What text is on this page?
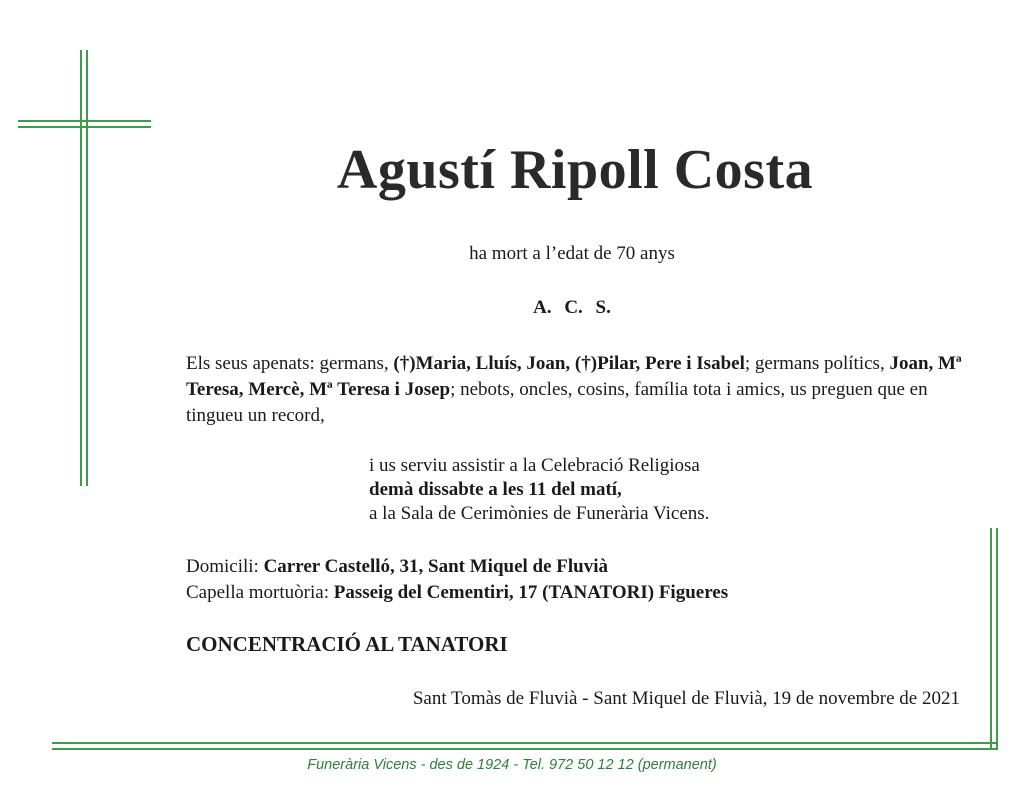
Agustí Ripoll Costa
ha mort a l’edat de 70 anys
A. C. S.
Els seus apenats: germans, (†)Maria, Lluís, Joan, (†)Pilar, Pere i Isabel; germans polítics, Joan, Mª Teresa, Mercè, Mª Teresa i Josep; nebots, oncles, cosins, família tota i amics, us preguen que en tingueu un record,
i us serviu assistir a la Celebració Religiosa
demà dissabte a les 11 del matí,
a la Sala de Cerimònies de Funerària Vicens.
Domicili: Carrer Castelló, 31, Sant Miquel de Fluvià
Capella mortuòria: Passeig del Cementiri, 17 (TANATORI) Figueres
CONCENTRACIÓ AL TANATORI
Sant Tomàs de Fluvià - Sant Miquel de Fluvià, 19 de novembre de 2021
Funerària Vicens - des de 1924 - Tel. 972 50 12 12 (permanent)
